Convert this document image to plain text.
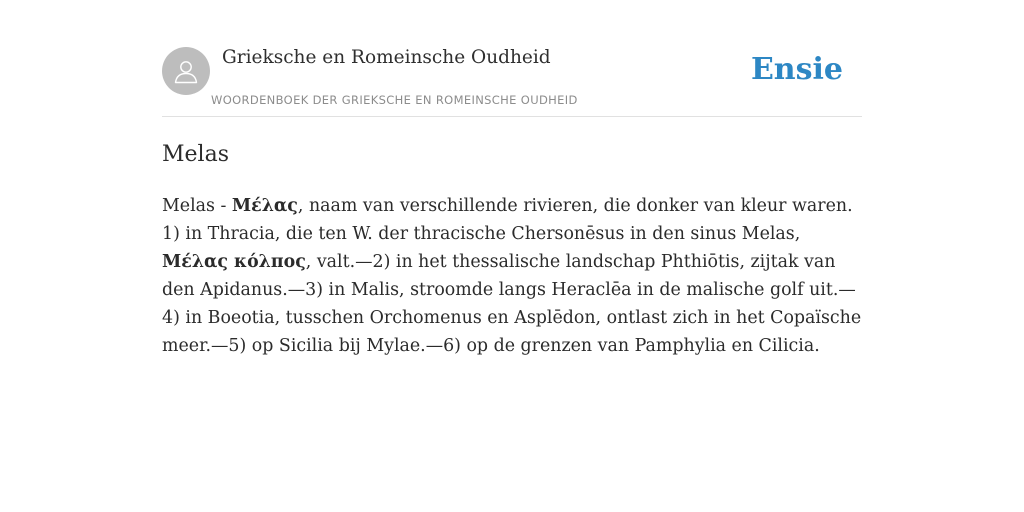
Grieksche en Romeinsche Oudheid
WOORDENBOEK DER GRIEKSCHE EN ROMEINSCHE OUDHEID
Ensie
Melas

Melas - Μέλας, naam van verschillende rivieren, die donker van kleur waren. 1) in Thracia, die ten W. der thracische Chersonēsus in den sinus Melas, Μέλας κόλπος, valt.—2) in het thessalische landschap Phthiōtis, zijtak van den Apidanus.—3) in Malis, stroomde langs Heraclēa in de malische golf uit.—4) in Boeotia, tusschen Orchomenus en Asplēdon, ontlast zich in het Copaïsche meer.—5) op Sicilia bij Mylae.—6) op de grenzen van Pamphylia en Cilicia.
